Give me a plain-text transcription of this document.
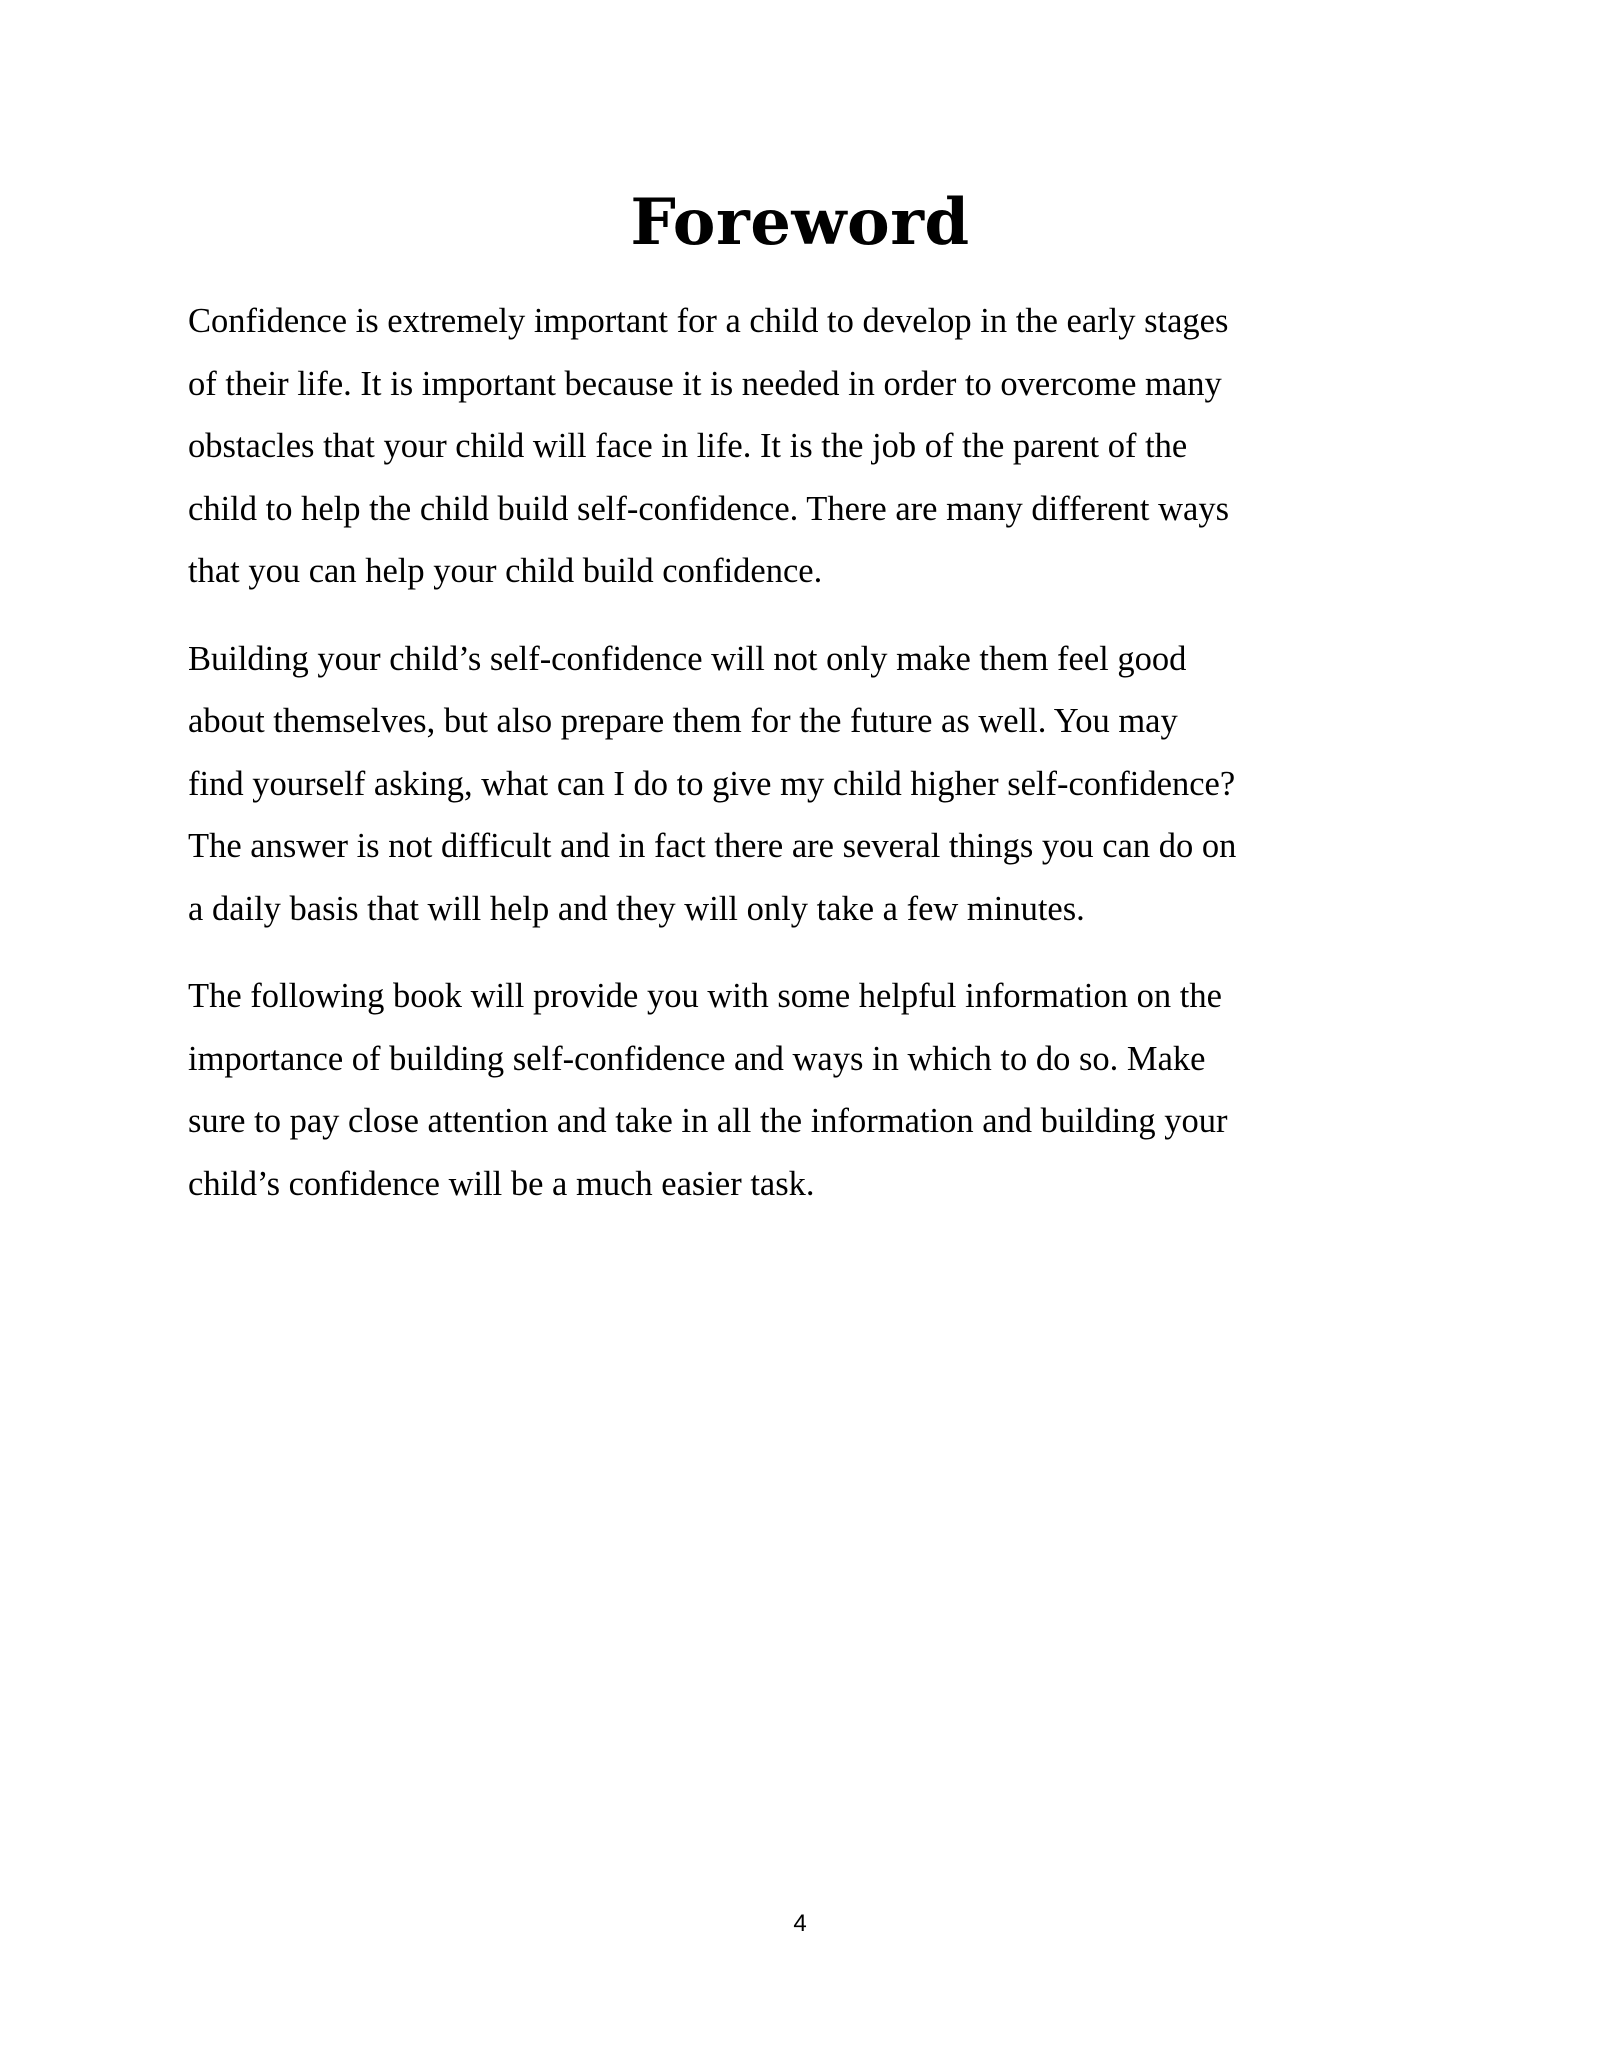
Foreword

Confidence is extremely important for a child to develop in the early stages
of their life. It is important because it is needed in order to overcome many
obstacles that your child will face in life. It is the job of the parent of the
child to help the child build self-confidence. There are many different ways
that you can help your child build confidence.

Building your child’s self-confidence will not only make them feel good
about themselves, but also prepare them for the future as well. You may
find yourself asking, what can I do to give my child higher self-confidence?
The answer is not difficult and in fact there are several things you can do on
a daily basis that will help and they will only take a few minutes.

The following book will provide you with some helpful information on the
importance of building self-confidence and ways in which to do so. Make
sure to pay close attention and take in all the information and building your
child’s confidence will be a much easier task.

4
